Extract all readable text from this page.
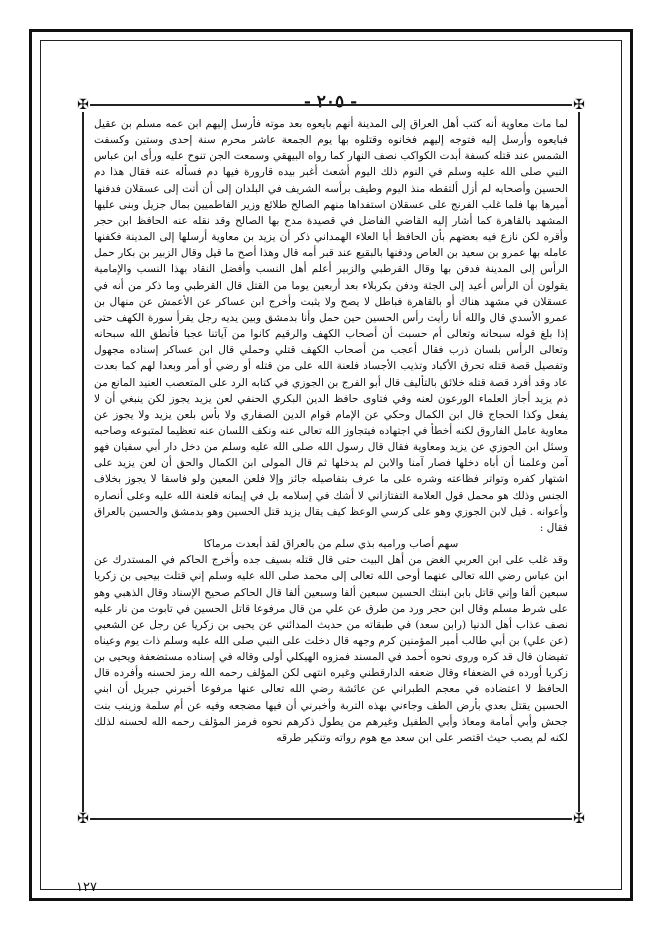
- ٢٠٥ -
✠	✠
✠	✠

لما مات معاوية أنه كتب أهل العراق إلى المدينة أنهم بايعوه بعد موته فأرسل إليهم ابن عمه مسلم بن عقيل فبايعوه وأرسل إليه فتوجه إليهم فخانوه وقتلوه بها يوم الجمعة عاشر محرم سنة إحدى وستين وكسفت الشمس عند قتله كسفة أبدت الكواكب نصف النهار كما رواه البيهقي وسمعت الجن تنوح عليه ورأى ابن عباس النبي صلى الله عليه وسلم في النوم ذلك اليوم أشعث أغبر بيده قارورة فيها دم فسأله عنه فقال هذا دم الحسين وأصحابه لم أزل ألتقطه منذ اليوم وطيف برأسه الشريف في البلدان إلى أن أتت إلى عسقلان فدفنها أميرها بها فلما غلب الفرنج على عسقلان استفداها منهم الصالح طلائع وزير الفاطميين بمال جزيل وبنى عليها المشهد بالقاهرة كما أشار إليه القاضي الفاضل في قصيدة مدح بها الصالح وقد نقله عنه الحافظ ابن حجر وأقره لكن نازع فيه بعضهم بأن الحافظ أبا العلاء الهمداني ذكر أن يزيد بن معاوية أرسلها إلى المدينة فكفنها عامله بها عمرو بن سعيد بن العاص ودفنها بالبقيع عند قبر أمه قال وهذا أصح ما قيل وقال الزبير بن بكار حمل الرأس إلى المدينة فدفن بها وقال القرطبي والزبير أعلم أهل النسب وأفضل النقاد بهذا النسب والإمامية يقولون أن الرأس أعيد إلى الجثة ودفن بكربلاء بعد أربعين يوما من القتل قال القرطبي وما ذكر من أنه في عسقلان في مشهد هناك أو بالقاهرة فباطل لا يصح ولا يثبت وأخرج ابن عساكر عن الأعمش عن منهال بن عمرو الأسدي قال والله أنا رأيت رأس الحسين حين حمل وأنا بدمشق وبين يديه رجل يقرأ سورة الكهف حتى إذا بلغ قوله سبحانه وتعالى أم حسبت أن أصحاب الكهف والرقيم كانوا من آياتنا عجبا فأنطق الله سبحانه وتعالى الرأس بلسان ذرب فقال أعجب من أصحاب الكهف قتلي وحملي قال ابن عساكر إسناده مجهول وتفصيل قصة قتله تحرق الأكباد وتذيب الأجساد فلعنة الله على من قتله أو رضي أو أمر وبعدا لهم كما بعدت عاد وقد أفرد قصة قتله خلائق بالتأليف قال أبو الفرج بن الجوزي في كتابه الرد على المتعصب العنيد المانع من ذم يزيد أجاز العلماء الورعون لعنه وفي فتاوى حافظ الدين البكري الحنفي لعن يزيد يجوز لكن ينبغي أن لا يفعل وكذا الحجاج قال ابن الكمال وحكي عن الإمام قوام الدين الصفاري ولا بأس بلعن يزيد ولا يجوز عن معاوية عامل الفاروق لكنه أخطأ في اجتهاده فيتجاوز الله تعالى عنه ونكف اللسان عنه تعظيما لمتبوعه وصاحبه وسئل ابن الجوزي عن يزيد ومعاوية فقال قال رسول الله صلى الله عليه وسلم من دخل دار أبي سفيان فهو آمن وعلمنا أن أباه دخلها فصار آمنا والابن لم يدخلها ثم قال المولى ابن الكمال والحق أن لعن يزيد على اشتهار كفره وتواتر فظاعته وشره على ما عرف بتفاصيله جائز وإلا فلعن المعين ولو فاسقا لا يجوز بخلاف الجنس وذلك هو محمل قول العلامة التفتازاني لا أشك في إسلامه بل في إيمانه فلعنة الله عليه وعلى أنصاره وأعوانه . قيل لابن الجوزي وهو على كرسي الوعظ كيف يقال يزيد قتل الحسين وهو بدمشق والحسين بالعراق فقال :

سهم أصاب وراميه بذي سلم من بالعراق لقد أبعدت مرماكا

وقد غلب على ابن العربي الغض من أهل البيت حتى قال قتله بسيف جده وأخرج الحاكم في المستدرك عن ابن عباس رضي الله تعالى عنهما أوحى الله تعالى إلى محمد صلى الله عليه وسلم إني قتلت بيحيى بن زكريا سبعين ألفا وإني قاتل بابن ابنتك الحسين سبعين ألفا وسبعين ألفا قال الحاكم صحيح الإسناد وقال الذهبي وهو على شرط مسلم وقال ابن حجر ورد من طرق عن علي من قال مرفوعا قاتل الحسين في تابوت من نار عليه نصف عذاب أهل الدنيا (رابن سعد) في طبقاته من حديث المدائني عن يحيى بن زكريا عن رجل عن الشعبي (عن علي) بن أبي طالب أمير المؤمنين كرم وجهه قال دخلت على النبي صلى الله عليه وسلم ذات يوم وعيناه تفيضان قال قد كره وروى نحوه أحمد في المسند فمزوه الهيكلي أولى وقاله في إسناده مستضعفة ويحيى بن زكريا أورده في الضعفاء وقال ضعفه الدارقطني وغيره انتهى لكن المؤلف رحمه الله رمز لحسنه وأفرده قال الحافظ لا اعتضاده في معجم الطبراني عن عائشة رضي الله تعالى عنها مرفوعا أخبرني جبريل أن ابني الحسين يقتل بعدي بأرض الطف وجاءني بهذه التربة وأخبرني أن فيها مضجعه وفيه عن أم سلمة وزينب بنت جحش وأبي أمامة ومعاذ وأبي الطفيل وغيرهم من يطول ذكرهم نحوه فرمز المؤلف رحمه الله لحسنه لذلك لكنه لم يصب حيث اقتصر على ابن سعد مع هوم رواته وتنكير طرقه

١٢٧
